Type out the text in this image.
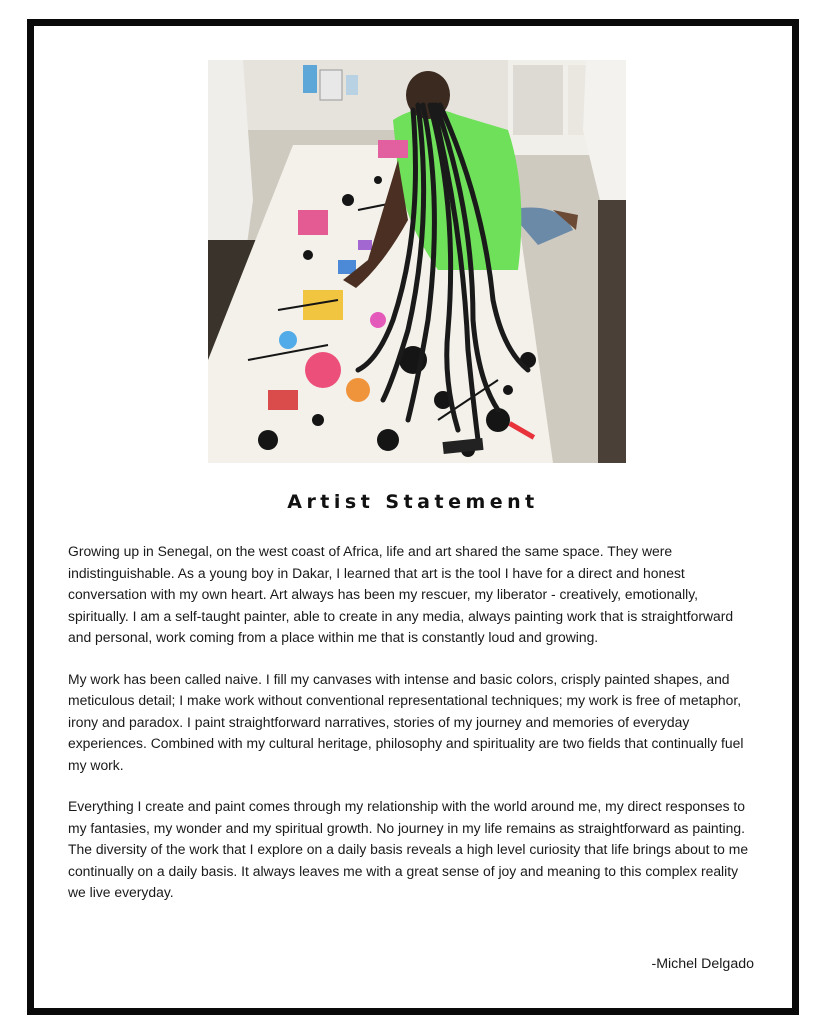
Artist Statement

Growing up in Senegal, on the west coast of Africa, life and art shared the same space. They were indistinguishable. As a young boy in Dakar, I learned that art is the tool I have for a direct and honest conversation with my own heart. Art always has been my rescuer, my liberator - creatively, emotionally, spiritually. I am a self-taught painter, able to create in any media, always painting work that is straightforward and personal, work coming from a place within me that is constantly loud and growing.

My work has been called naive. I fill my canvases with intense and basic colors, crisply painted shapes, and meticulous detail; I make work without conventional representational techniques; my work is free of metaphor, irony and paradox. I paint straightforward narratives, stories of my journey and memories of everyday experiences. Combined with my cultural heritage, philosophy and spirituality are two fields that continually fuel my work.

Everything I create and paint comes through my relationship with the world around me, my direct responses to my fantasies, my wonder and my spiritual growth. No journey in my life remains as straightforward as painting. The diversity of the work that I explore on a daily basis reveals a high level curiosity that life brings about to me continually on a daily basis. It always leaves me with a great sense of joy and meaning to this complex reality we live everyday.

-Michel Delgado
